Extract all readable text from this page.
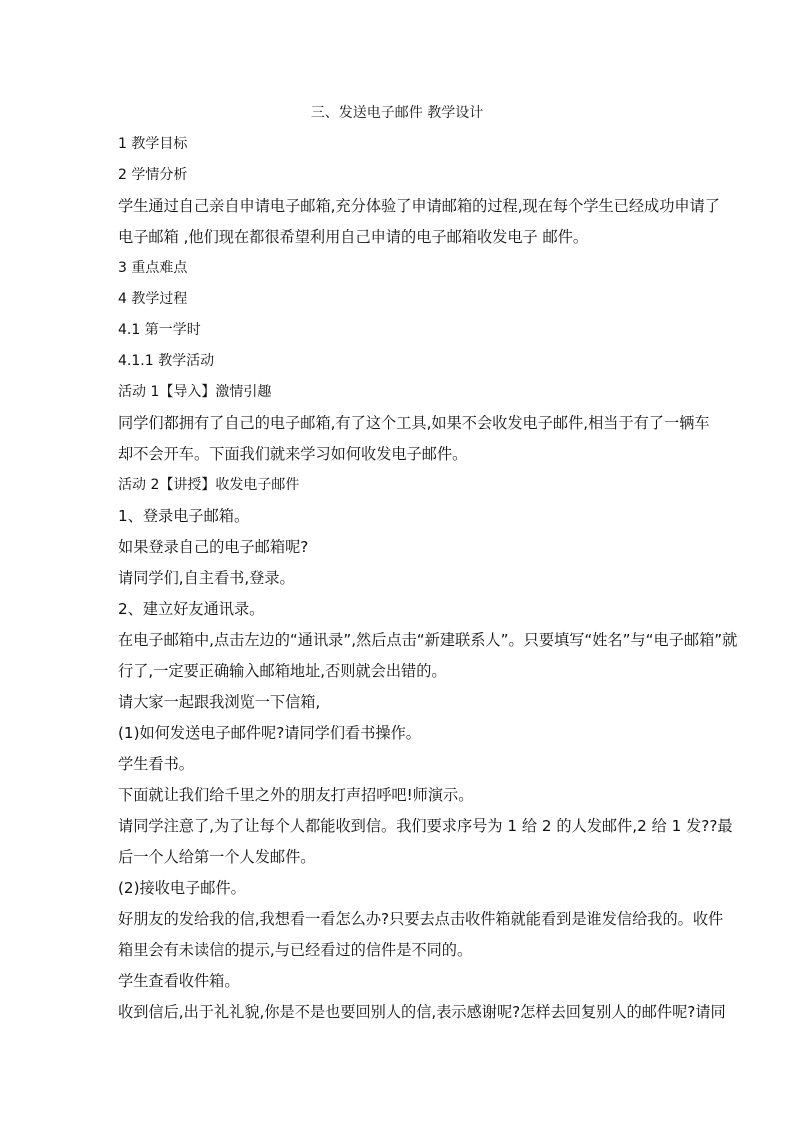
三、发送电子邮件 教学设计
1 教学目标
2 学情分析
学生通过自己亲自申请电子邮箱,充分体验了申请邮箱的过程,现在每个学生已经成功申请了
电子邮箱 ,他们现在都很希望利用自己申请的电子邮箱收发电子 邮件。
3 重点难点
4 教学过程
4.1 第一学时
4.1.1 教学活动
活动 1【导入】激情引趣
同学们都拥有了自己的电子邮箱,有了这个工具,如果不会收发电子邮件,相当于有了一辆车
却不会开车。下面我们就来学习如何收发电子邮件。
活动 2【讲授】收发电子邮件
1、登录电子邮箱。
如果登录自己的电子邮箱呢?
请同学们,自主看书,登录。
2、建立好友通讯录。
在电子邮箱中,点击左边的“通讯录”,然后点击“新建联系人”。只要填写“姓名”与“电子邮箱”就
行了,一定要正确输入邮箱地址,否则就会出错的。
请大家一起跟我浏览一下信箱,
(1)如何发送电子邮件呢?请同学们看书操作。
学生看书。
下面就让我们给千里之外的朋友打声招呼吧!师演示。
请同学注意了,为了让每个人都能收到信。我们要求序号为 1 给 2 的人发邮件,2 给 1 发??最
后一个人给第一个人发邮件。
(2)接收电子邮件。
好朋友的发给我的信,我想看一看怎么办?只要去点击收件箱就能看到是谁发信给我的。收件
箱里会有未读信的提示,与已经看过的信件是不同的。
学生查看收件箱。
收到信后,出于礼礼貌,你是不是也要回别人的信,表示感谢呢?怎样去回复别人的邮件呢?请同
